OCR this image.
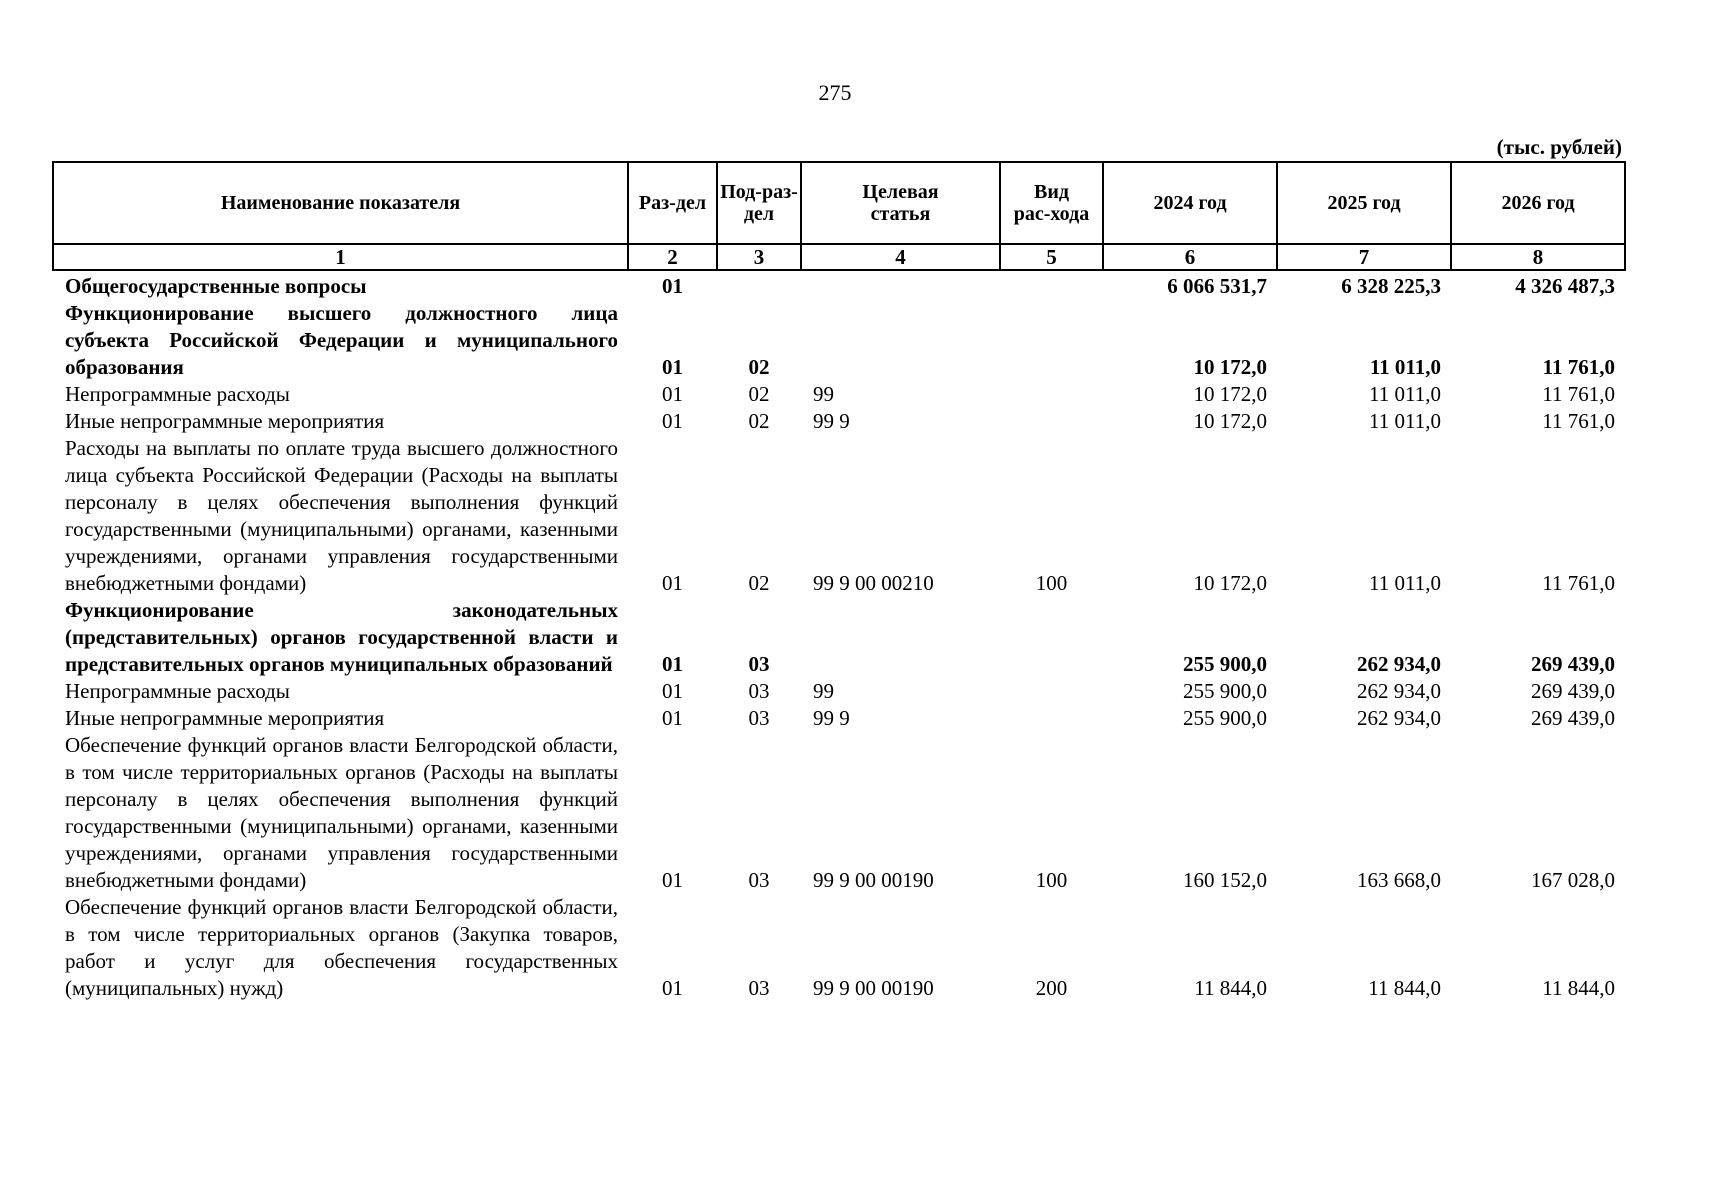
275
(тыс. рублей)
Наименование показателя	Раз-дел	Под-раз-дел	Целевая статья	Вид рас-хода	2024 год	2025 год	2026 год
1	2	3	4	5	6	7	8
Общегосударственные вопросы	01				6 066 531,7	6 328 225,3	4 326 487,3
Функционирование высшего должностного лица субъекта Российской Федерации и муниципального образования	01	02			10 172,0	11 011,0	11 761,0
Непрограммные расходы	01	02	99		10 172,0	11 011,0	11 761,0
Иные непрограммные мероприятия	01	02	99 9		10 172,0	11 011,0	11 761,0
Расходы на выплаты по оплате труда высшего должностного лица субъекта Российской Федерации (Расходы на выплаты персоналу в целях обеспечения выполнения функций государственными (муниципальными) органами, казенными учреждениями, органами управления государственными внебюджетными фондами)	01	02	99 9 00 00210	100	10 172,0	11 011,0	11 761,0
Функционирование законодательных (представительных) органов государственной власти и представительных органов муниципальных образований	01	03			255 900,0	262 934,0	269 439,0
Непрограммные расходы	01	03	99		255 900,0	262 934,0	269 439,0
Иные непрограммные мероприятия	01	03	99 9		255 900,0	262 934,0	269 439,0
Обеспечение функций органов власти Белгородской области, в том числе территориальных органов (Расходы на выплаты персоналу в целях обеспечения выполнения функций государственными (муниципальными) органами, казенными учреждениями, органами управления государственными внебюджетными фондами)	01	03	99 9 00 00190	100	160 152,0	163 668,0	167 028,0
Обеспечение функций органов власти Белгородской области, в том числе территориальных органов (Закупка товаров, работ и услуг для обеспечения государственных (муниципальных) нужд)	01	03	99 9 00 00190	200	11 844,0	11 844,0	11 844,0
